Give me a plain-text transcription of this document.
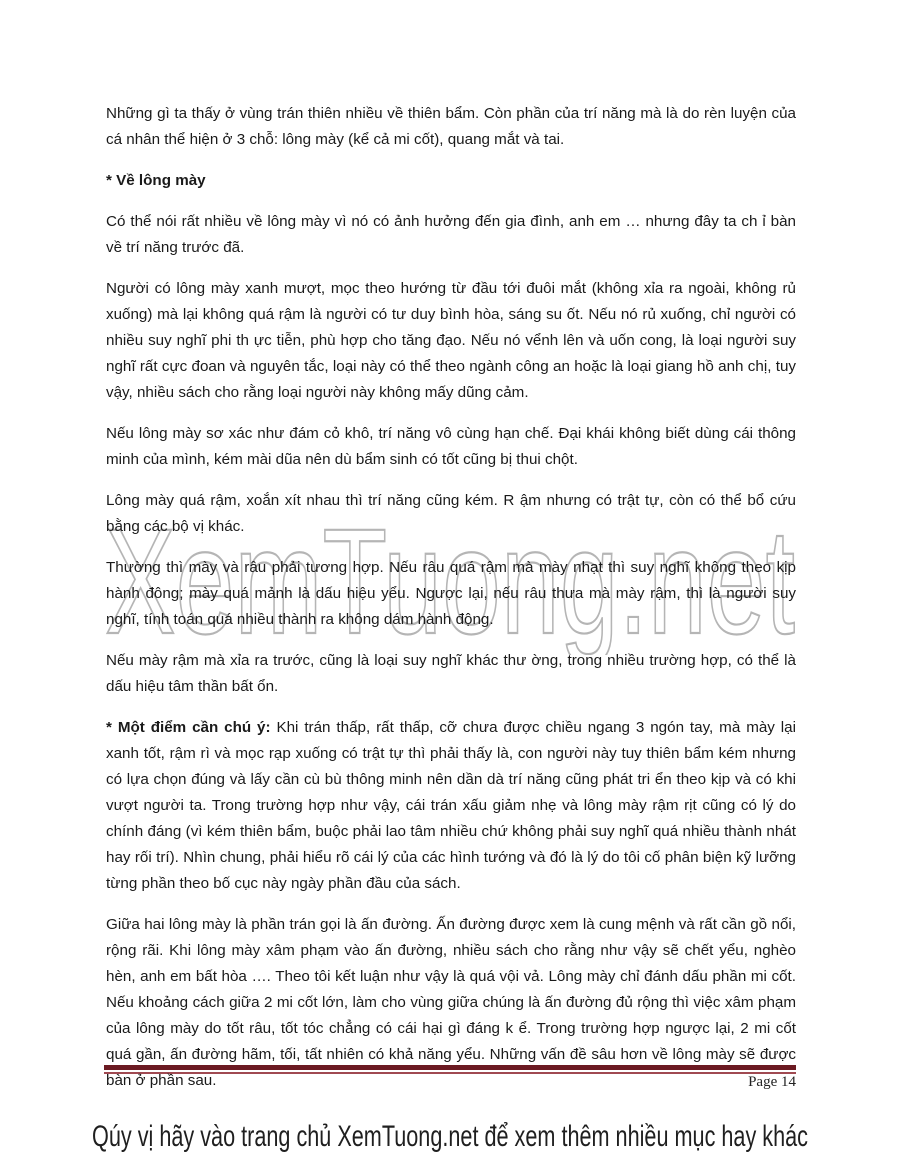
XemTuong.net

Những gì ta thấy ở vùng trán thiên nhiều về thiên bẩm. Còn phần của trí năng mà là do rèn luyện của cá nhân thể hiện ở 3 chỗ: lông mày (kể cả mi cốt), quang mắt và tai.

* Về lông mày

Có thể nói rất nhiều về lông mày vì nó có ảnh hưởng đến gia đình, anh em … nhưng đây ta ch ỉ bàn về trí năng trước đã.

Người có lông mày xanh mượt, mọc theo hướng từ đầu tới đuôi mắt (không xỉa ra ngoài, không rủ xuống) mà lại không quá rậm là người có tư duy bình hòa, sáng su ốt. Nếu nó rủ xuống, chỉ người có nhiều suy nghĩ phi th ực tiễn, phù hợp cho tăng đạo. Nếu nó vểnh lên và uốn cong, là loại người suy nghĩ rất cực đoan và nguyên tắc, loại này có thể theo ngành công an hoặc là loại giang hồ anh chị, tuy vậy, nhiều sách cho rằng loại người này không mấy dũng cảm.

Nếu lông mày sơ xác như đám cỏ khô, trí năng vô cùng hạn chế. Đại khái không biết dùng cái thông minh của mình, kém mài dũa nên dù bẩm sinh có tốt cũng bị thui chột.

Lông mày quá rậm, xoắn xít nhau thì trí năng cũng kém. R ậm nhưng có trật tự, còn có thể bổ cứu bằng các bộ vị khác.

Thường thì mày và râu phải tương hợp. Nếu râu quá rậm mà mày nhạt thì suy nghĩ không theo kịp hành đông; mày quá mảnh là dấu hiệu yểu. Ngược lại, nếu râu thưa mà mày rậm, thì là người suy nghĩ, tính toán quá nhiều thành ra không dám hành động.

Nếu mày rậm mà xỉa ra trước, cũng là loại suy nghĩ khác thư ờng, trong nhiều trường hợp, có thể là dấu hiệu tâm thần bất ổn.

* Một điểm cần chú ý: Khi trán thấp, rất thấp, cỡ chưa được chiều ngang 3 ngón tay, mà mày lại xanh tốt, rậm rì và mọc rạp xuống có trật tự thì phải thấy là, con người này tuy thiên bẩm kém nhưng có lựa chọn đúng và lấy cần cù bù thông minh nên dần dà trí năng cũng phát tri ển theo kịp và có khi vượt người ta. Trong trường hợp như vậy, cái trán xấu giảm nhẹ và lông mày rậm rịt cũng có lý do chính đáng (vì kém thiên bẩm, buộc phải lao tâm nhiều chứ không phải suy nghĩ quá nhiều thành nhát hay rối trí). Nhìn chung, phải hiểu rõ cái lý của các hình tướng và đó là lý do tôi cố phân biện kỹ lưỡng từng phần theo bố cục này ngày phần đầu của sách.

Giữa hai lông mày là phần trán gọi là ấn đường. Ấn đường được xem là cung mệnh và rất cần gồ nổi, rộng rãi. Khi lông mày xâm phạm vào ấn đường, nhiều sách cho rằng như vậy sẽ chết yểu, nghèo hèn, anh em bất hòa …. Theo tôi kết luận như vậy là quá vội vả. Lông mày chỉ đánh dấu phần mi cốt. Nếu khoảng cách giữa 2 mi cốt lớn, làm cho vùng giữa chúng là ấn đường đủ rộng thì việc xâm phạm của lông mày do tốt râu, tốt tóc chẳng có cái hại gì đáng k ể. Trong trường hợp ngược lại, 2 mi cốt quá gần, ấn đường hãm, tối, tất nhiên có khả năng yểu. Những vấn đề sâu hơn về lông mày sẽ được bàn ở phần sau.	Page 14
Qúy vị hãy vào trang chủ XemTuong.net để xem thêm nhiều mục hay khác
